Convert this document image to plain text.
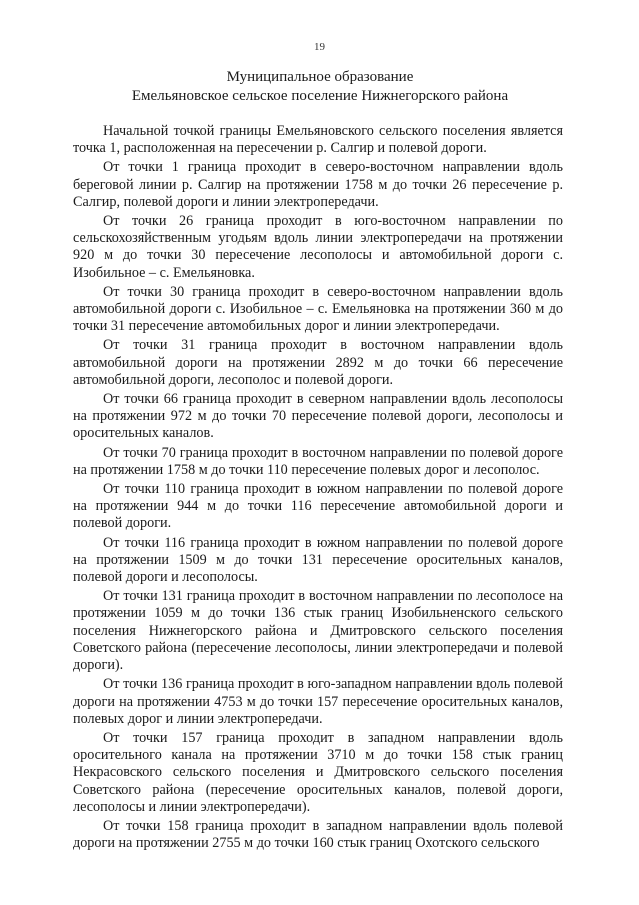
19
Муниципальное образование
Емельяновское сельское поселение Нижнегорского района

Начальной точкой границы Емельяновского сельского поселения является точка 1, расположенная на пересечении р. Салгир и полевой дороги.

От точки 1 граница проходит в северо-восточном направлении вдоль береговой линии р. Салгир на протяжении 1758 м до точки 26 пересечение р. Салгир, полевой дороги и линии электропередачи.

От точки 26 граница проходит в юго-восточном направлении по сельскохозяйственным угодьям вдоль линии электропередачи на протяжении 920 м до точки 30 пересечение лесополосы и автомобильной дороги с. Изобильное – с. Емельяновка.

От точки 30 граница проходит в северо-восточном направлении вдоль автомобильной дороги с. Изобильное – с. Емельяновка на протяжении 360 м до точки 31 пересечение автомобильных дорог и линии электропередачи.

От точки 31 граница проходит в восточном направлении вдоль автомобильной дороги на протяжении 2892 м до точки 66 пересечение автомобильной дороги, лесополос и полевой дороги.

От точки 66 граница проходит в северном направлении вдоль лесополосы на протяжении 972 м до точки 70 пересечение полевой дороги, лесополосы и оросительных каналов.

От точки 70 граница проходит в восточном направлении по полевой дороге на протяжении 1758 м до точки 110 пересечение полевых дорог и лесополос.

От точки 110 граница проходит в южном направлении по полевой дороге на протяжении 944 м до точки 116 пересечение автомобильной дороги и полевой дороги.

От точки 116 граница проходит в южном направлении по полевой дороге на протяжении 1509 м до точки 131 пересечение оросительных каналов, полевой дороги и лесополосы.

От точки 131 граница проходит в восточном направлении по лесополосе на протяжении 1059 м до точки 136 стык границ Изобильненского сельского поселения Нижнегорского района и Дмитровского сельского поселения Советского района (пересечение лесополосы, линии электропередачи и полевой дороги).

От точки 136 граница проходит в юго-западном направлении вдоль полевой дороги на протяжении 4753 м до точки 157 пересечение оросительных каналов, полевых дорог и линии электропередачи.

От точки 157 граница проходит в западном направлении вдоль оросительного канала на протяжении 3710 м до точки 158 стык границ Некрасовского сельского поселения и Дмитровского сельского поселения Советского района (пересечение оросительных каналов, полевой дороги, лесополосы и линии электропередачи).

От точки 158 граница проходит в западном направлении вдоль полевой дороги на протяжении 2755 м до точки 160 стык границ Охотского сельского
